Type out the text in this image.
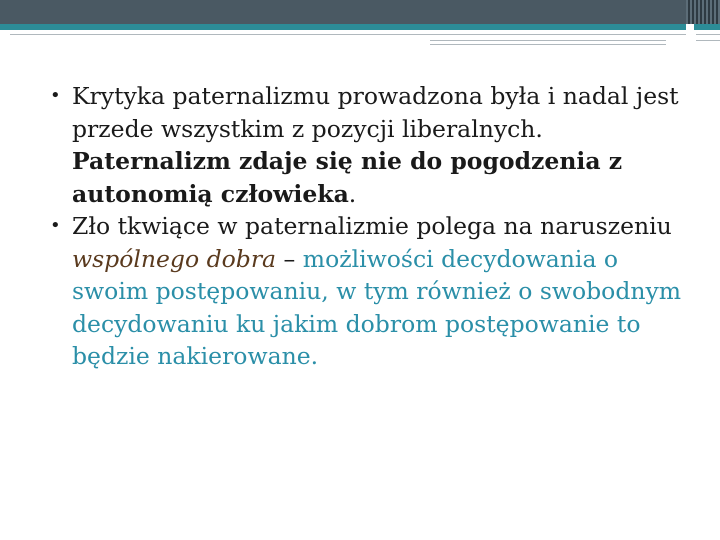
• Krytyka paternalizmu prowadzona była i nadal jest przede wszystkim z pozycji liberalnych. Paternalizm zdaje się nie do pogodzenia z autonomią człowieka.

• Zło tkwiące w paternalizmie polega na naruszeniu wspólnego dobra – możliwości decydowania o swoim postępowaniu, w tym również o swobodnym decydowaniu ku jakim dobrom postępowanie to będzie nakierowane.
